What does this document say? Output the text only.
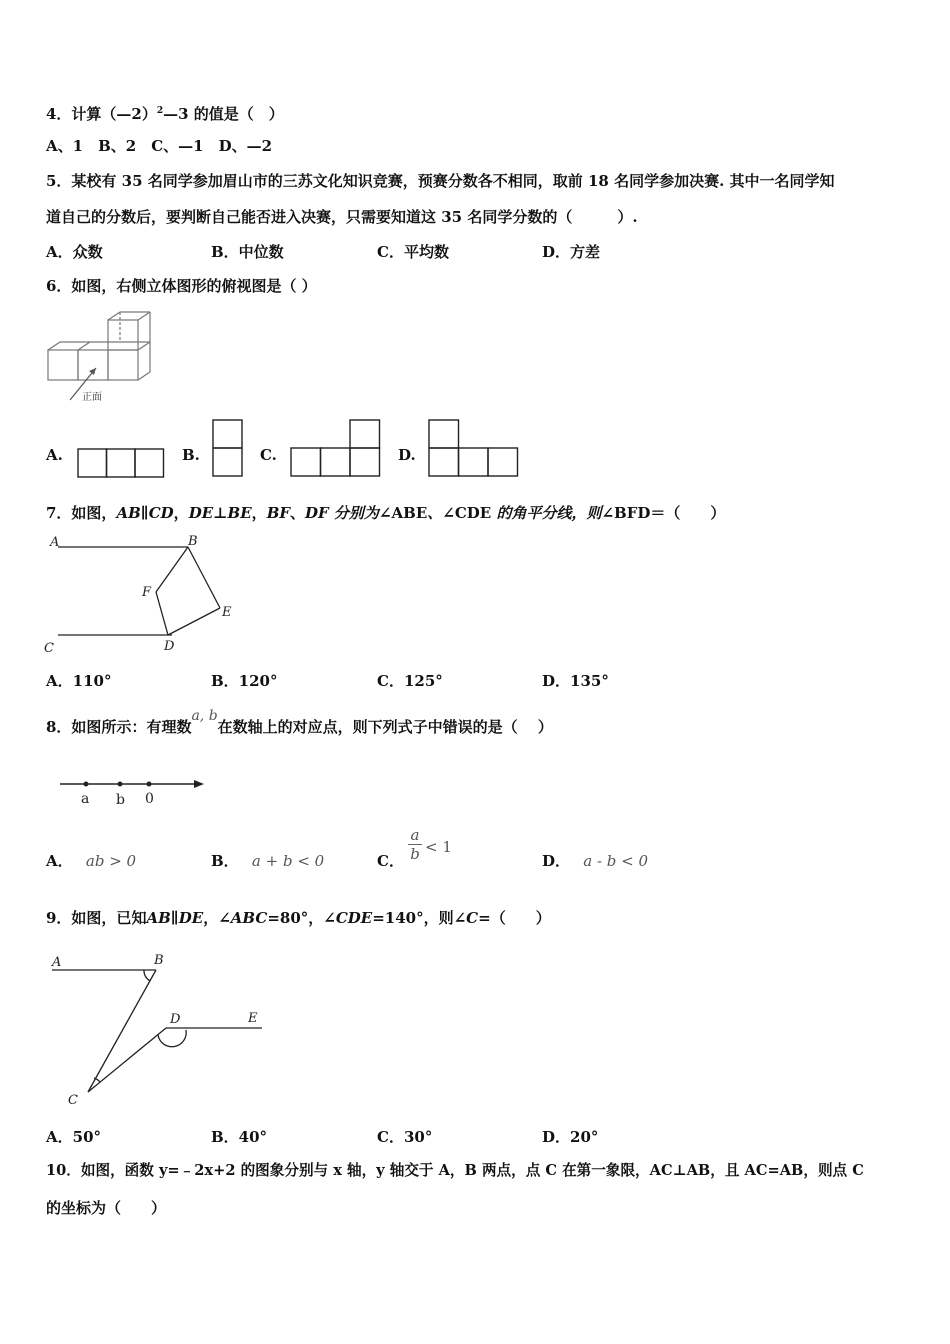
4．计算（—2）$^2$—3 的值是（　）
A、1　B、2　C、—1　D、—2
5．某校有 35 名同学参加眉山市的三苏文化知识竞赛，预赛分数各不相同，取前 18 名同学参加决赛. 其中一名同学知
道自己的分数后，要判断自己能否进入决赛，只需要知道这 35 名同学分数的（　　　）.
A．众数	B．中位数	C．平均数	D．方差
6．如图，右侧立体图形的俯视图是（ ）
正面
A.	B.	C.	D.
7．如图，AB∥CD，DE⊥BE，BF、DF 分别为∠ABE、∠CDE 的角平分线，则∠BFD＝（　　）
A	B
F
E
C	D
A．110°	B．120°	C．125°	D．135°
8．如图所示：有理数a, b在数轴上的对应点，则下列式子中错误的是（　 ）
a b 0
A． ab > 0	B． a + b < 0	C．
a
b < 1
D． a - b < 0
9．如图，已知AB∥DE，∠ABC=80°，∠CDE=140°，则∠C=（　　）
A	B
D	E
C
A．50°	B．40°	C．30°	D．20°
10．如图，函数 y=﹣2x+2 的图象分别与 x 轴，y 轴交于 A，B 两点，点 C 在第一象限，AC⊥AB，且 AC=AB，则点 C
的坐标为（　　）
